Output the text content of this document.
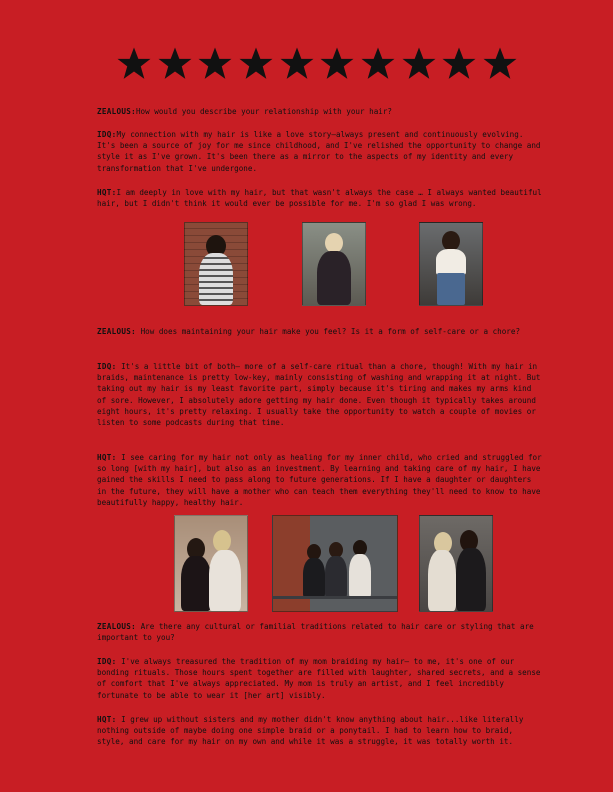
ZEALOUS:How would you describe your relationship with your hair?

IDQ:My connection with my hair is like a love story—always present and continuously evolving. It's been a source of joy for me since childhood, and I've relished the opportunity to change and style it as I've grown. It's been there as a mirror to the aspects of my identity and every transformation that I've undergone.

HQT:I am deeply in love with my hair, but that wasn't always the case … I always wanted beautiful hair, but I didn't think it would ever be possible for me. I'm so glad I was wrong.

ZEALOUS: How does maintaining your hair make you feel? Is it a form of self-care or a chore?

IDQ: It's a little bit of both— more of a self-care ritual than a chore, though! With my hair in braids, maintenance is pretty low-key, mainly consisting of washing and wrapping it at night. But taking out my hair is my least favorite part, simply because it's tiring and makes my arms kind of sore. However, I absolutely adore getting my hair done. Even though it typically takes around eight hours, it's pretty relaxing. I usually take the opportunity to watch a couple of movies or listen to some podcasts during that time.

HQT: I see caring for my hair not only as healing for my inner child, who cried and struggled for so long [with my hair], but also as an investment. By learning and taking care of my hair, I have gained the skills I need to pass along to future generations. If I have a daughter or daughters in the future, they will have a mother who can teach them everything they'll need to know to have beautifully happy, healthy hair.

ZEALOUS: Are there any cultural or familial traditions related to hair care or styling that are important to you?

IDQ: I've always treasured the tradition of my mom braiding my hair— to me, it's one of our bonding rituals. Those hours spent together are filled with laughter, shared secrets, and a sense of comfort that I've always appreciated. My mom is truly an artist, and I feel incredibly fortunate to be able to wear it [her art] visibly.

HQT: I grew up without sisters and my mother didn't know anything about hair...like literally nothing outside of maybe doing one simple braid or a ponytail. I had to learn how to braid, style, and care for my hair on my own and while it was a struggle, it was totally worth it.
